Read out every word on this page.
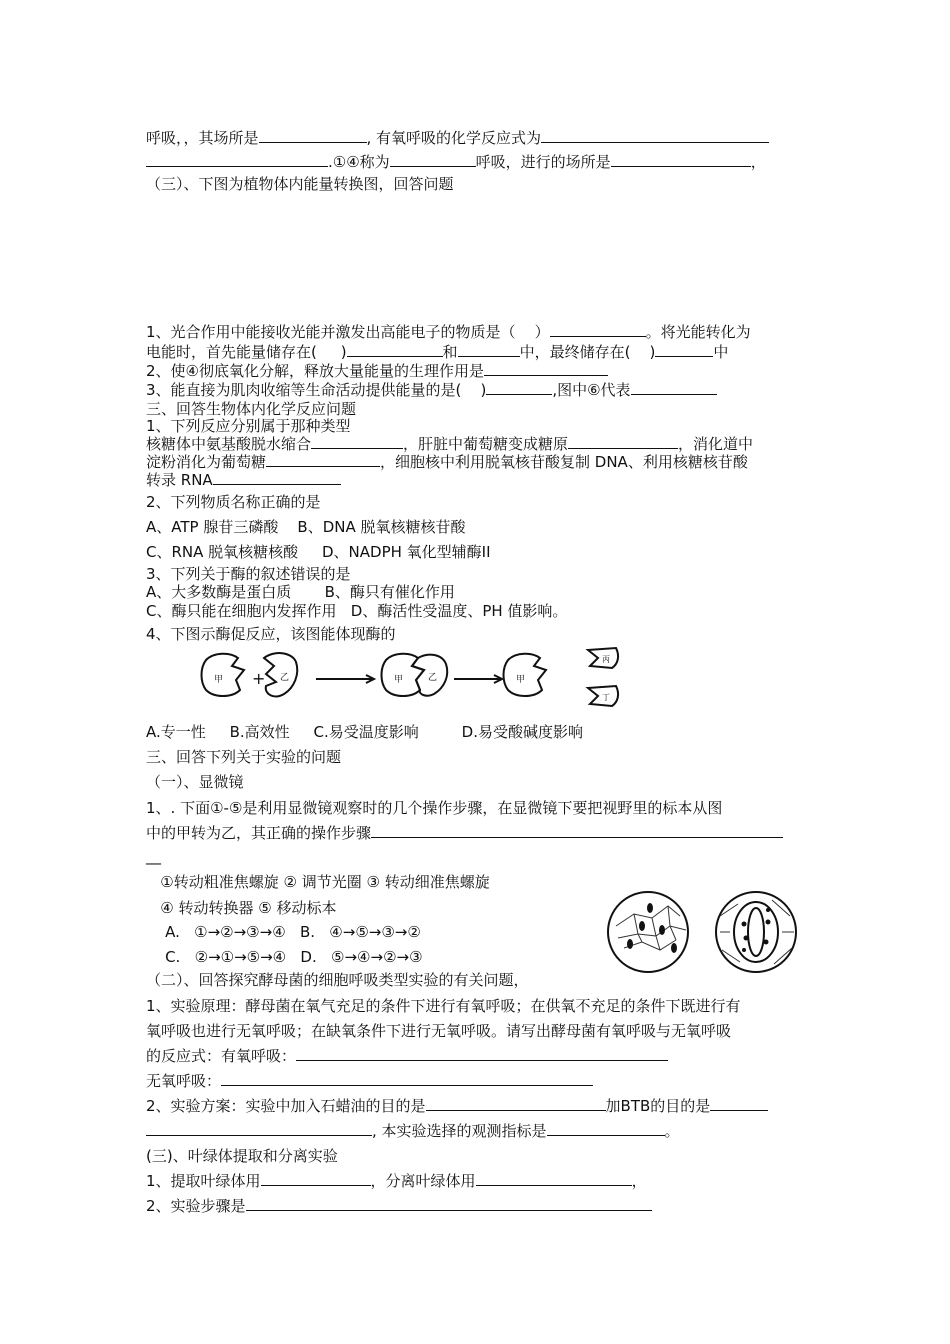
呼吸，，其场所是	, 有氧呼吸的化学反应式为
.①④称为	呼吸，进行的场所是	，
（三）、下图为植物体内能量转换图，回答问题
1、光合作用中能接收光能并激发出高能电子的物质是（    ）	。将光能转化为
电能时，首先能量储存在(     )	和	中，最终储存在(    )	中
2、使④彻底氧化分解，释放大量能量的生理作用是
3、能直接为肌肉收缩等生命活动提供能量的是(    )	,图中⑥代表
三、回答生物体内化学反应问题
1、下列反应分别属于那种类型
核糖体中氨基酸脱水缩合	，肝脏中葡萄糖变成糖原	，消化道中
淀粉消化为葡萄糖	，细胞核中利用脱氧核苷酸复制 DNA、利用核糖核苷酸
转录 RNA
2、下列物质名称正确的是
A、ATP 腺苷三磷酸    B、DNA 脱氧核糖核苷酸
C、RNA 脱氧核糖核酸     D、NADPH 氧化型辅酶II
3、下列关于酶的叙述错误的是
A、大多数酶是蛋白质       B、酶只有催化作用
C、酶只能在细胞内发挥作用   D、酶活性受温度、PH 值影响。
4、下图示酶促反应，该图能体现酶的
+
甲	乙	甲	乙	甲
丙
丁
A.专一性     B.高效性     C.易受温度影响         D.易受酸碱度影响
三、回答下列关于实验的问题
（一）、显微镜
1、. 下面①-⑤是利用显微镜观察时的几个操作步骤，在显微镜下要把视野里的标本从图
中的甲转为乙，其正确的操作步骤
__
①转动粗准焦螺旋 ② 调节光圈 ③ 转动细准焦螺旋
④ 转动转换器 ⑤ 移动标本
A.   ①→②→③→④   B.   ④→⑤→③→②
C.   ②→①→⑤→④   D.   ⑤→④→②→③
（二）、回答探究酵母菌的细胞呼吸类型实验的有关问题，
1、实验原理：酵母菌在氧气充足的条件下进行有氧呼吸；在供氧不充足的条件下既进行有
氧呼吸也进行无氧呼吸；在缺氧条件下进行无氧呼吸。请写出酵母菌有氧呼吸与无氧呼吸
的反应式：有氧呼吸：
无氧呼吸：
2、实验方案：实验中加入石蜡油的目的是	加BTB的目的是
, 本实验选择的观测指标是	。
(三)、叶绿体提取和分离实验
1、提取叶绿体用	，分离叶绿体用	，
2、实验步骤是
